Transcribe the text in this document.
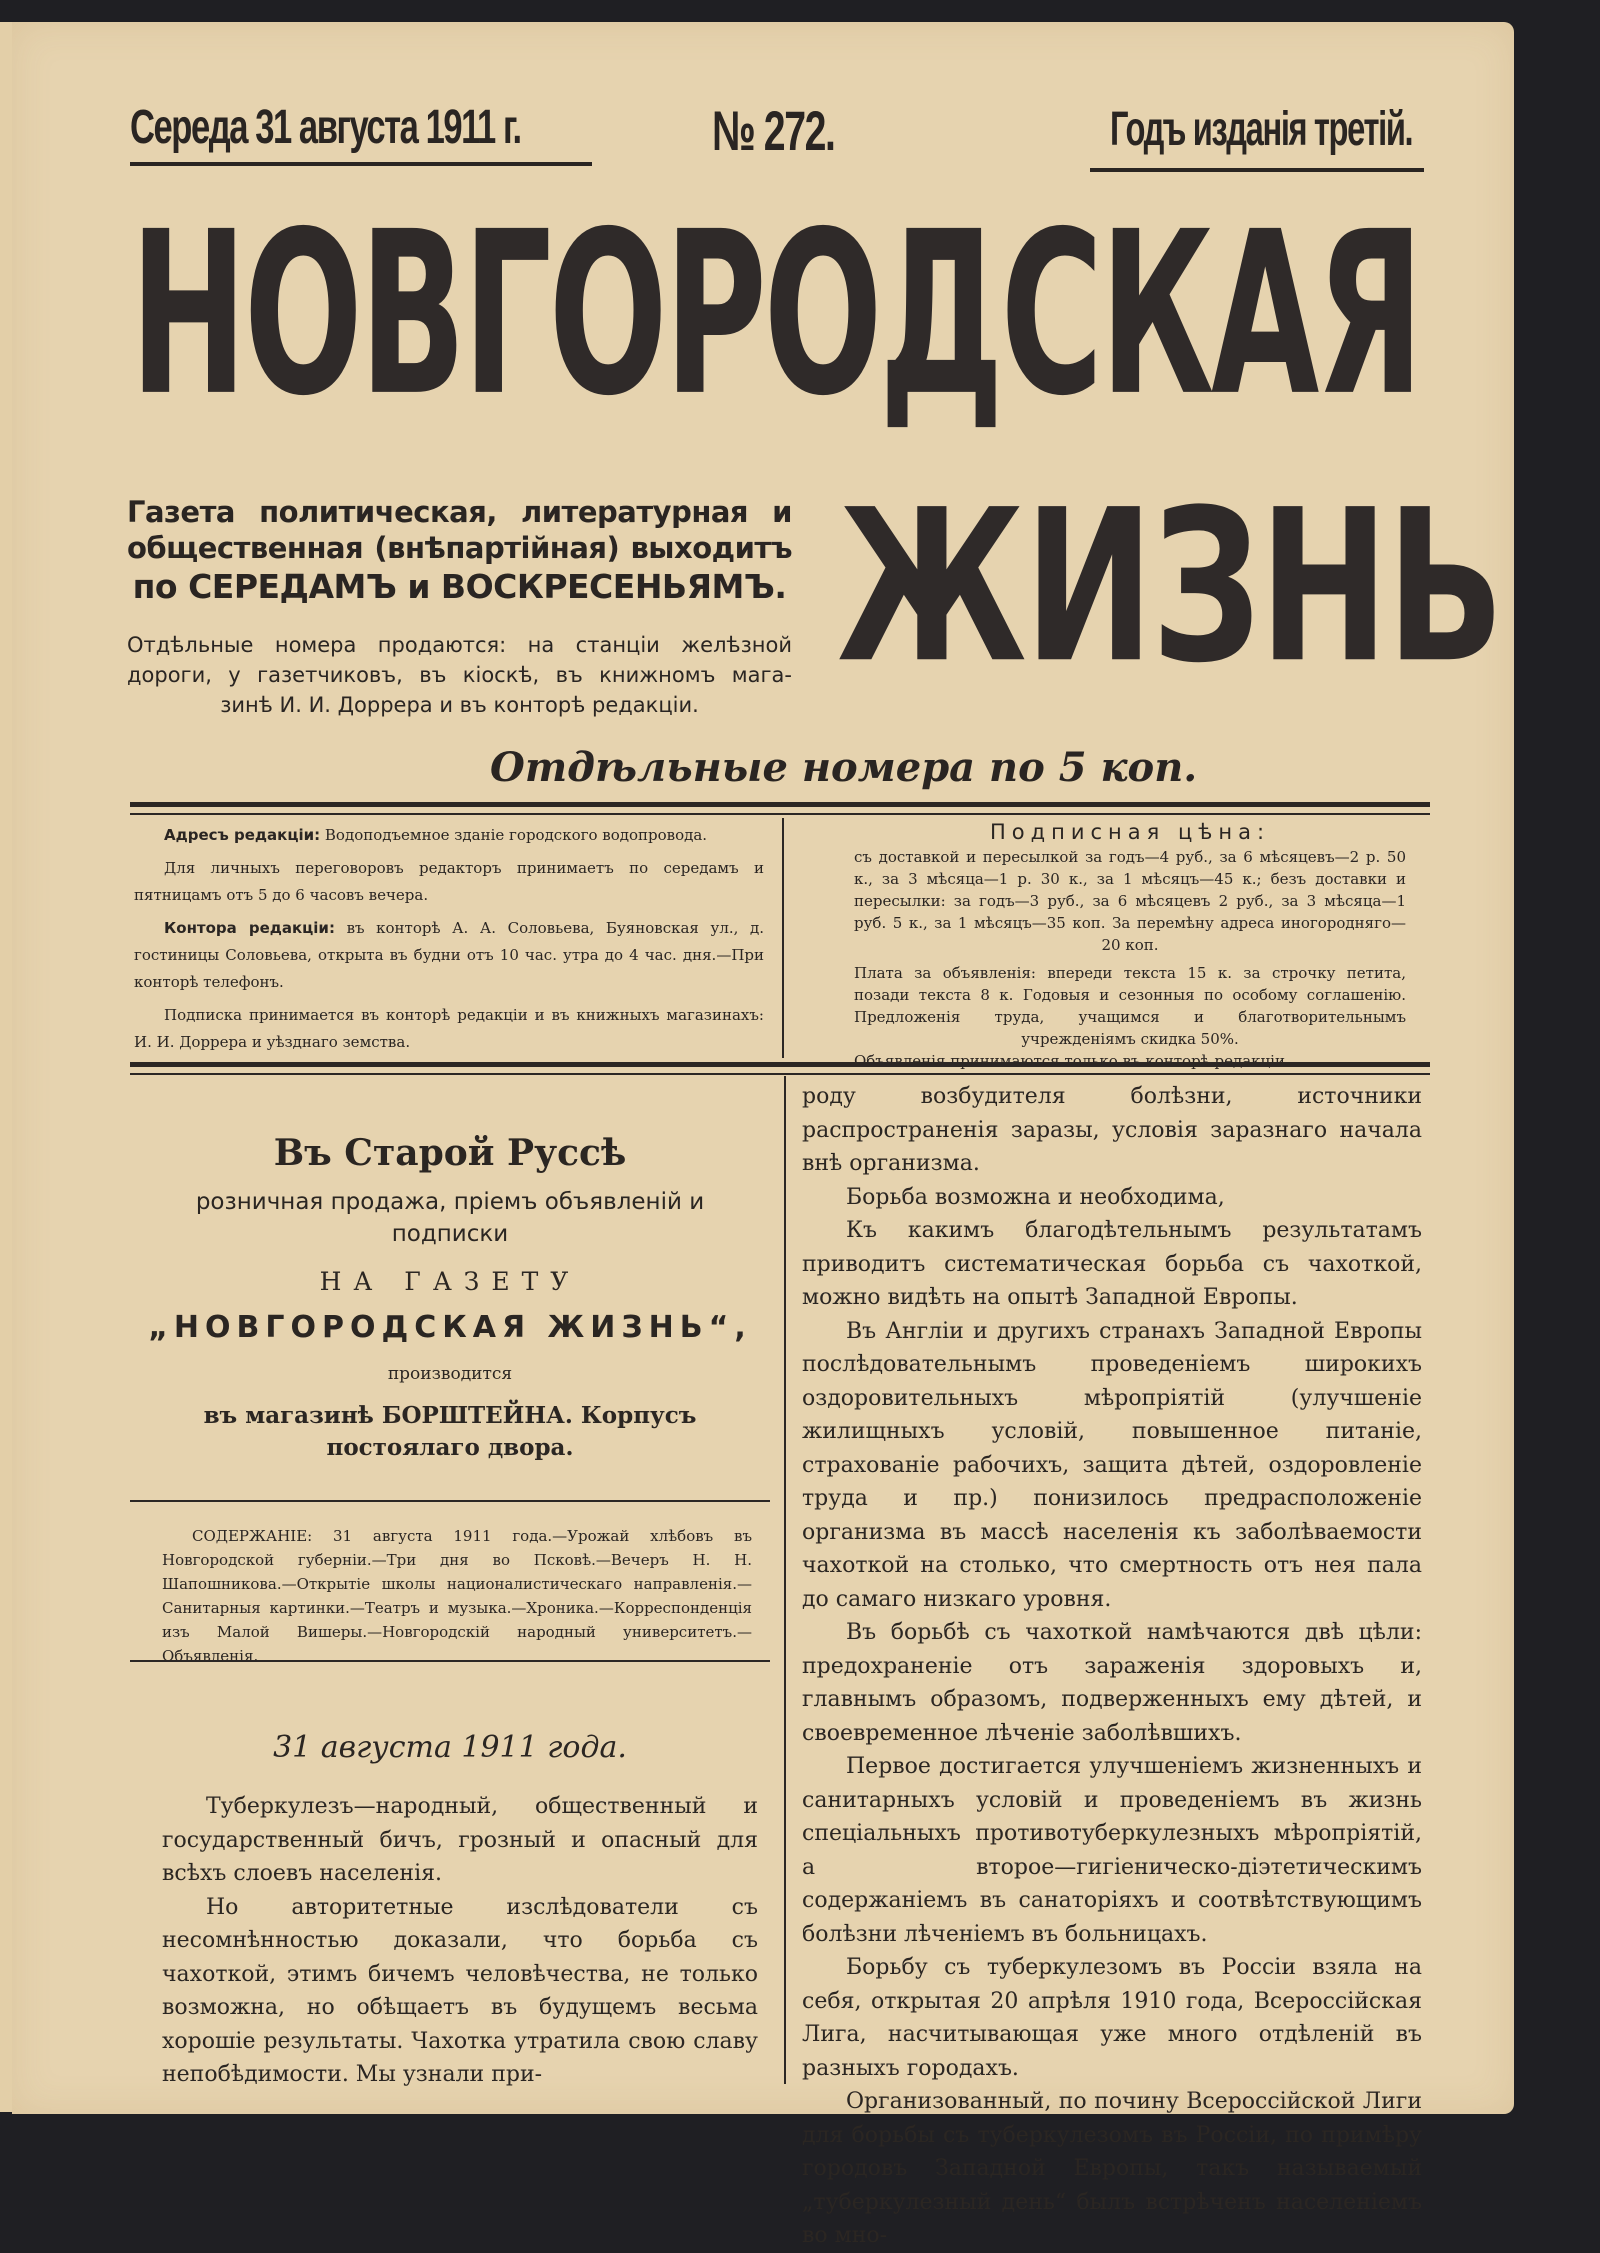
Середа 31 августа 1911 г.	№ 272.	Годъ изданія третій.
НОВГОРОДСКАЯ
ЖИЗНЬ
Газета политическая, литературная и
общественная (внѣпартійная) выходитъ
по СЕРЕДАМЪ и ВОСКРЕСЕНЬЯМЪ.
Отдѣльные номера продаются: на станціи желѣзной
дороги, у газетчиковъ, въ кіоскѣ, въ книжномъ мага-
зинѣ И. И. Доррера и въ конторѣ редакціи.
Отдѣльные номера по 5 коп.

Адресъ редакціи: Водоподъемное зданіе городского водопровода.

Для личныхъ переговоровъ редакторъ принимаетъ по середамъ и пятницамъ отъ 5 до 6 часовъ вечера.

Контора редакціи: въ конторѣ А. А. Соловьева, Буяновская ул., д. гостиницы Соловьева, открыта въ будни отъ 10 час. утра до 4 час. дня.—При конторѣ телефонъ.

Подписка принимается въ конторѣ редакціи и въ книжныхъ магазинахъ: И. И. Доррера и уѣзднаго земства.

Подписная цѣна:
съ доставкой и пересылкой за годъ—4 руб., за 6 мѣсяцевъ—2 р. 50 к., за 3 мѣсяца—1 р. 30 к., за 1 мѣсяцъ—45 к.; безъ доставки и пересылки: за годъ—3 руб., за 6 мѣсяцевъ 2 руб., за 3 мѣсяца—1 руб. 5 к., за 1 мѣсяцъ—35 коп. За перемѣну адреса иногородняго—20 коп.
Плата за объявленія: впереди текста 15 к. за строчку петита, позади текста 8 к. Годовыя и сезонныя по особому соглашенію. Предложенія труда, учащимся и благотворительнымъ учрежденіямъ скидка 50%.
Объявленія принимаются только въ конторѣ редакціи.
Въ Старой Руссѣ
розничная продажа, пріемъ объявленій и подписки
НА ГАЗЕТУ
„НОВГОРОДСКАЯ ЖИЗНЬ“,
производится
въ магазинѣ БОРШТЕЙНА. Корпусъ постоялаго двора.

СОДЕРЖАНІЕ: 31 августа 1911 года.—Урожай хлѣбовъ въ Новгородской губерніи.—Три дня во Псковѣ.—Вечеръ Н. Н. Шапошникова.—Открытіе школы националистическаго направленія.—Санитарныя картинки.—Театръ и музыка.—Хроника.—Корреспонденція изъ Малой Вишеры.—Новгородскій народный университетъ.—Объявленія.

31 августа 1911 года.

Туберкулезъ—народный, общественный и государственный бичъ, грозный и опасный для всѣхъ слоевъ населенія.

Но авторитетные изслѣдователи съ несомнѣнностью доказали, что борьба съ чахоткой, этимъ бичемъ человѣчества, не только возможна, но обѣщаетъ въ будущемъ весьма хорошіе результаты. Чахотка утратила свою славу непобѣдимости. Мы узнали при-

роду возбудителя болѣзни, источники распространенія заразы, условія заразнаго начала внѣ организма.

Борьба возможна и необходима,

Къ какимъ благодѣтельнымъ результатамъ приводитъ систематическая борьба съ чахоткой, можно видѣть на опытѣ Западной Европы.

Въ Англіи и другихъ странахъ Западной Европы послѣдовательнымъ проведеніемъ широкихъ оздоровительныхъ мѣропріятій (улучшеніе жилищныхъ условій, повышенное питаніе, страхованіе рабочихъ, защита дѣтей, оздоровленіе труда и пр.) понизилось предрасположеніе организма въ массѣ населенія къ заболѣваемости чахоткой на столько, что смертность отъ нея пала до самаго низкаго уровня.

Въ борьбѣ съ чахоткой намѣчаются двѣ цѣли: предохраненіе отъ зараженія здоровыхъ и, главнымъ образомъ, подверженныхъ ему дѣтей, и своевременное лѣченіе заболѣвшихъ.

Первое достигается улучшеніемъ жизненныхъ и санитарныхъ условій и проведеніемъ въ жизнь спеціальныхъ противотуберкулезныхъ мѣропріятій, а второе—гигіеническо-діэтетическимъ содержаніемъ въ санаторіяхъ и соотвѣтствующимъ болѣзни лѣченіемъ въ больницахъ.

Борьбу съ туберкулезомъ въ Россіи взяла на себя, открытая 20 апрѣля 1910 года, Всероссійская Лига, насчитывающая уже много отдѣленій въ разныхъ городахъ.

Организованный, по почину Всероссійской Лиги для борьбы съ туберкулезомъ въ Россіи, по примѣру городовъ Западной Европы, такъ называемый „туберкулезный день“ былъ встрѣченъ населеніемъ во мно-
